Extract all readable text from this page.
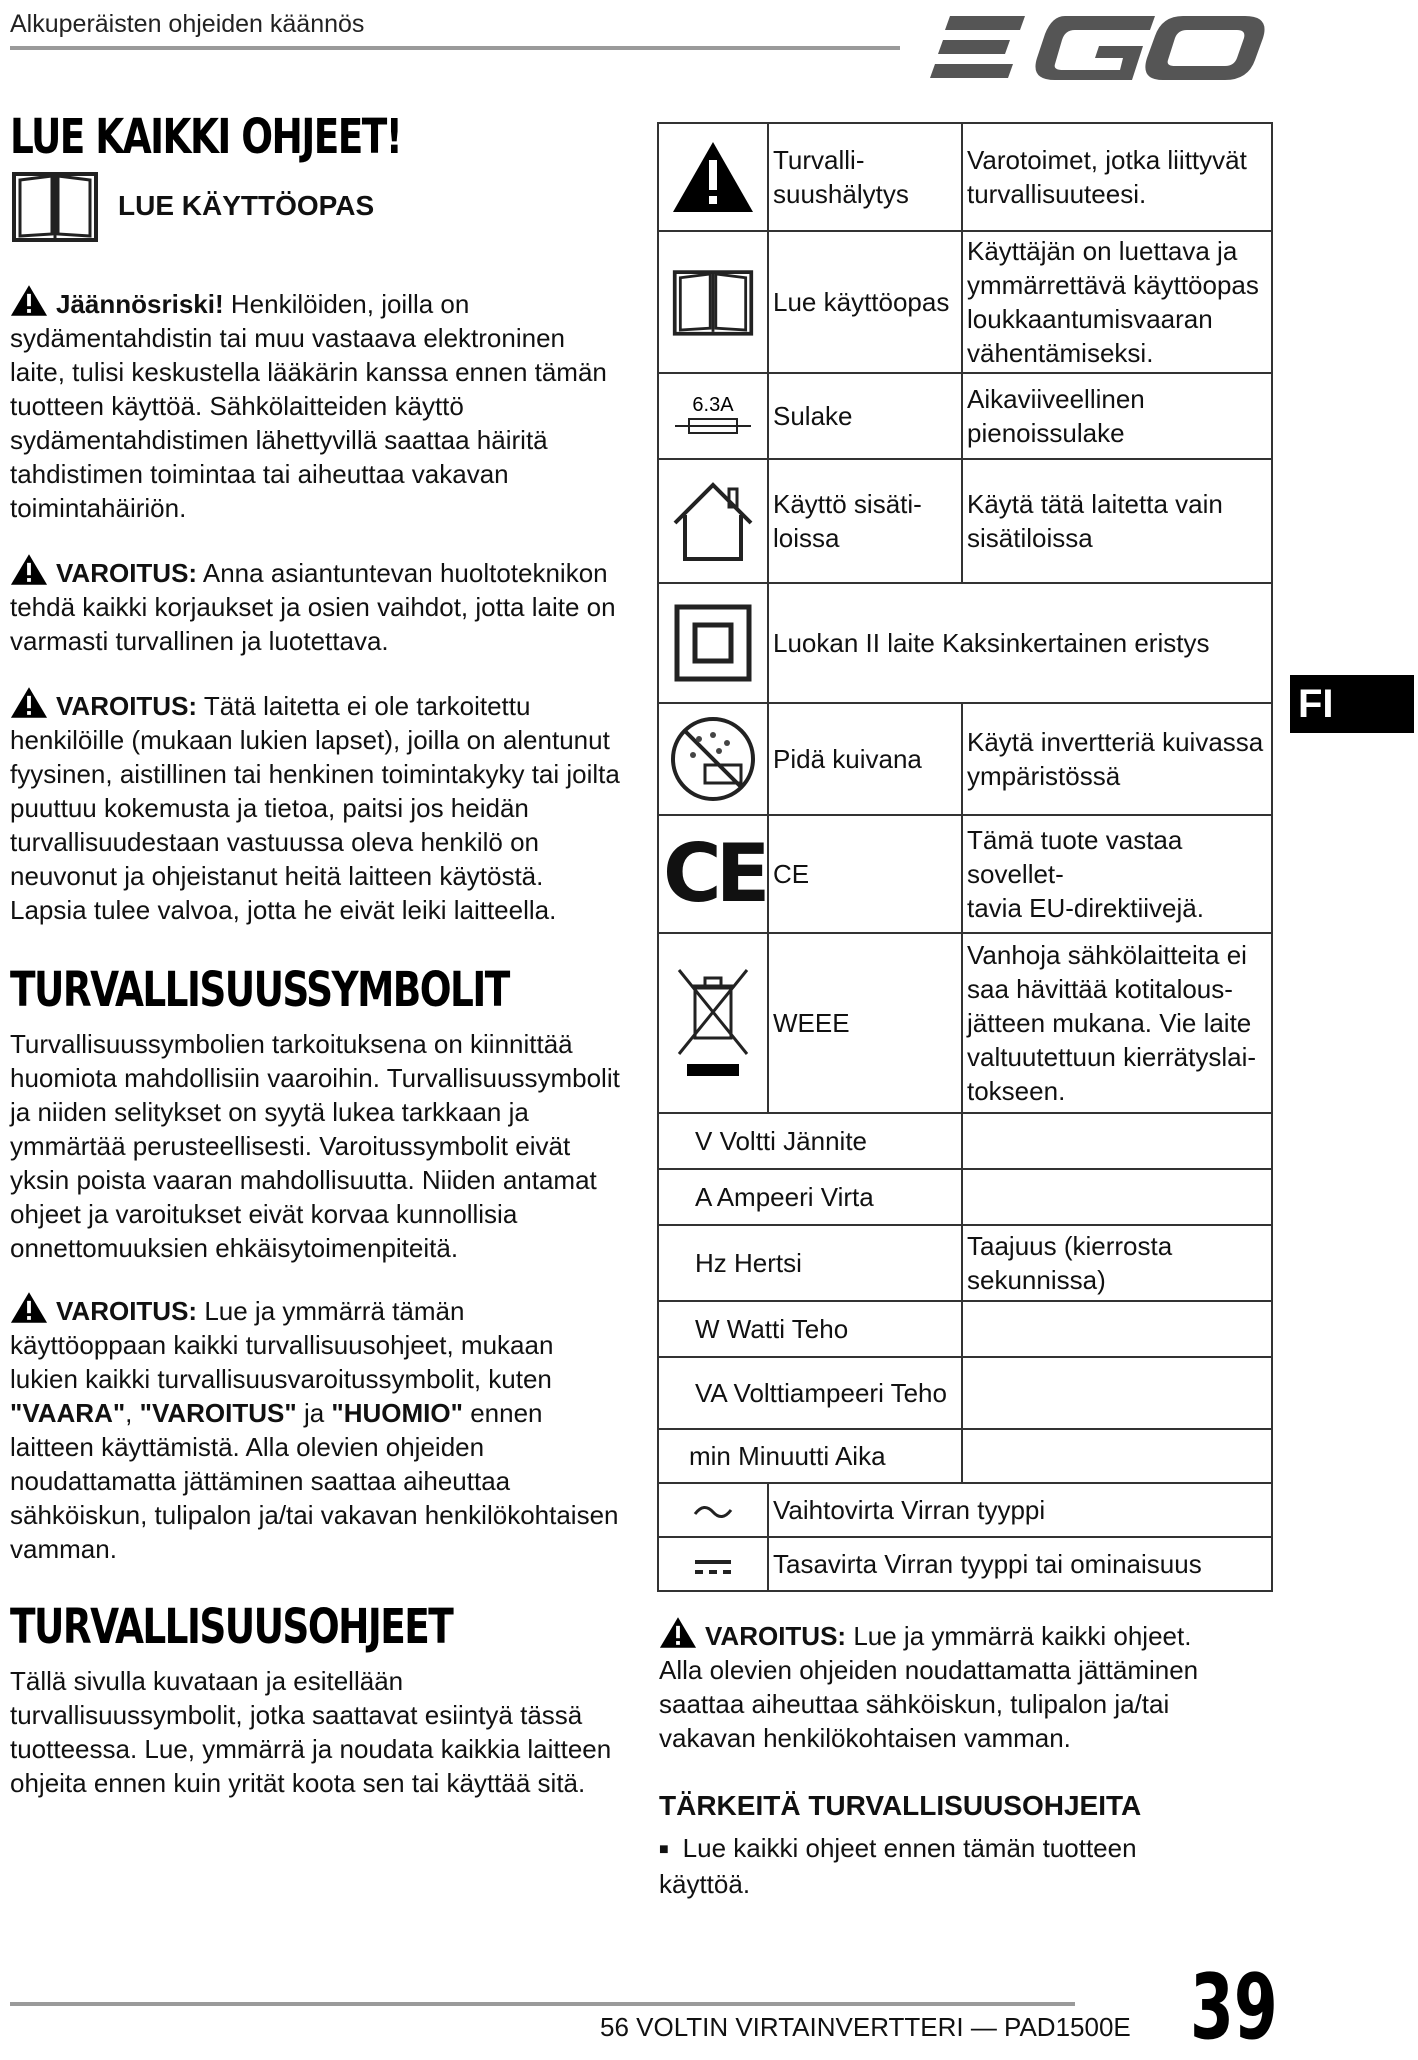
Alkuperäisten ohjeiden käännös
LUE KAIKKI OHJEET!
LUE KÄYTTÖOPAS

Jäännösriski! Henkilöiden, joilla on sydämentahdistin tai muu vastaava elektroninen laite, tulisi keskustella lääkärin kanssa ennen tämän tuotteen käyttöä. Sähkölaitteiden käyttö sydämentahdistimen lähettyvillä saattaa häiritä tahdistimen toimintaa tai aiheuttaa vakavan toimintahäiriön.

VAROITUS: Anna asiantuntevan huoltoteknikon tehdä kaikki korjaukset ja osien vaihdot, jotta laite on varmasti turvallinen ja luotettava.

VAROITUS: Tätä laitetta ei ole tarkoitettu henkilöille (mukaan lukien lapset), joilla on alentunut fyysinen, aistillinen tai henkinen toimintakyky tai joilta puuttuu kokemusta ja tietoa, paitsi jos heidän turvallisuudestaan vastuussa oleva henkilö on neuvonut ja ohjeistanut heitä laitteen käytöstä. Lapsia tulee valvoa, jotta he eivät leiki laitteella.

TURVALLISUUSSYMBOLIT

Turvallisuussymbolien tarkoituksena on kiinnittää huomiota mahdollisiin vaaroihin. Turvallisuussymbolit ja niiden selitykset on syytä lukea tarkkaan ja ymmärtää perusteellisesti. Varoitussymbolit eivät yksin poista vaaran mahdollisuutta. Niiden antamat ohjeet ja varoitukset eivät korvaa kunnollisia onnettomuuksien ehkäisytoimenpiteitä.

VAROITUS: Lue ja ymmärrä tämän käyttöoppaan kaikki turvallisuusohjeet, mukaan lukien kaikki turvallisuusvaroitussymbolit, kuten "VAARA", "VAROITUS" ja "HUOMIO" ennen laitteen käyttämistä. Alla olevien ohjeiden noudattamatta jättäminen saattaa aiheuttaa sähköiskun, tulipalon ja/tai vakavan henkilökohtaisen vamman.

TURVALLISUUSOHJEET

Tällä sivulla kuvataan ja esitellään turvallisuussymbolit, jotka saattavat esiintyä tässä tuotteessa. Lue, ymmärrä ja noudata kaikkia laitteen ohjeita ennen kuin yrität koota sen tai käyttää sitä.

	Turvalli-
suushälytys	Varotoimet, jotka liittyvät turvallisuuteesi.
	Lue käyttöopas	Käyttäjän on luettava ja ymmärrettävä käyttöopas loukkaantumisvaaran vähentämiseksi.

6.3A	Sulake	Aikaviiveellinen pienoissulake
	Käyttö sisäti-
loissa	Käytä tätä laitetta vain sisätiloissa
	Luokan II laite Kaksinkertainen eristys	
	Pidä kuivana	Käytä invertteriä kuivassa ympäristössä
CE	CE	Tämä tuote vastaa sovellet-
tavia EU-direktiivejä.
	WEEE	Vanhoja sähkölaitteita ei saa hävittää kotitalous-
jätteen mukana. Vie laite valtuutettuun kierrätyslai-
tokseen.
V Voltti Jännite		
A Ampeeri Virta		
Hz Hertsi		Taajuus (kierrosta sekunnissa)
W Watti Teho		
VA Volttiampeeri Teho		
min Minuutti Aika		
	Vaihtovirta Virran tyyppi	
	Tasavirta Virran tyyppi tai ominaisuus	

VAROITUS: Lue ja ymmärrä kaikki ohjeet. Alla olevien ohjeiden noudattamatta jättäminen saattaa aiheuttaa sähköiskun, tulipalon ja/tai vakavan henkilökohtaisen vamman.

TÄRKEITÄ TURVALLISUUSOHJEITA
■ Lue kaikki ohjeet ennen tämän tuotteen käyttöä.
FI
56 VOLTIN VIRTAINVERTTERI — PAD1500E 39
